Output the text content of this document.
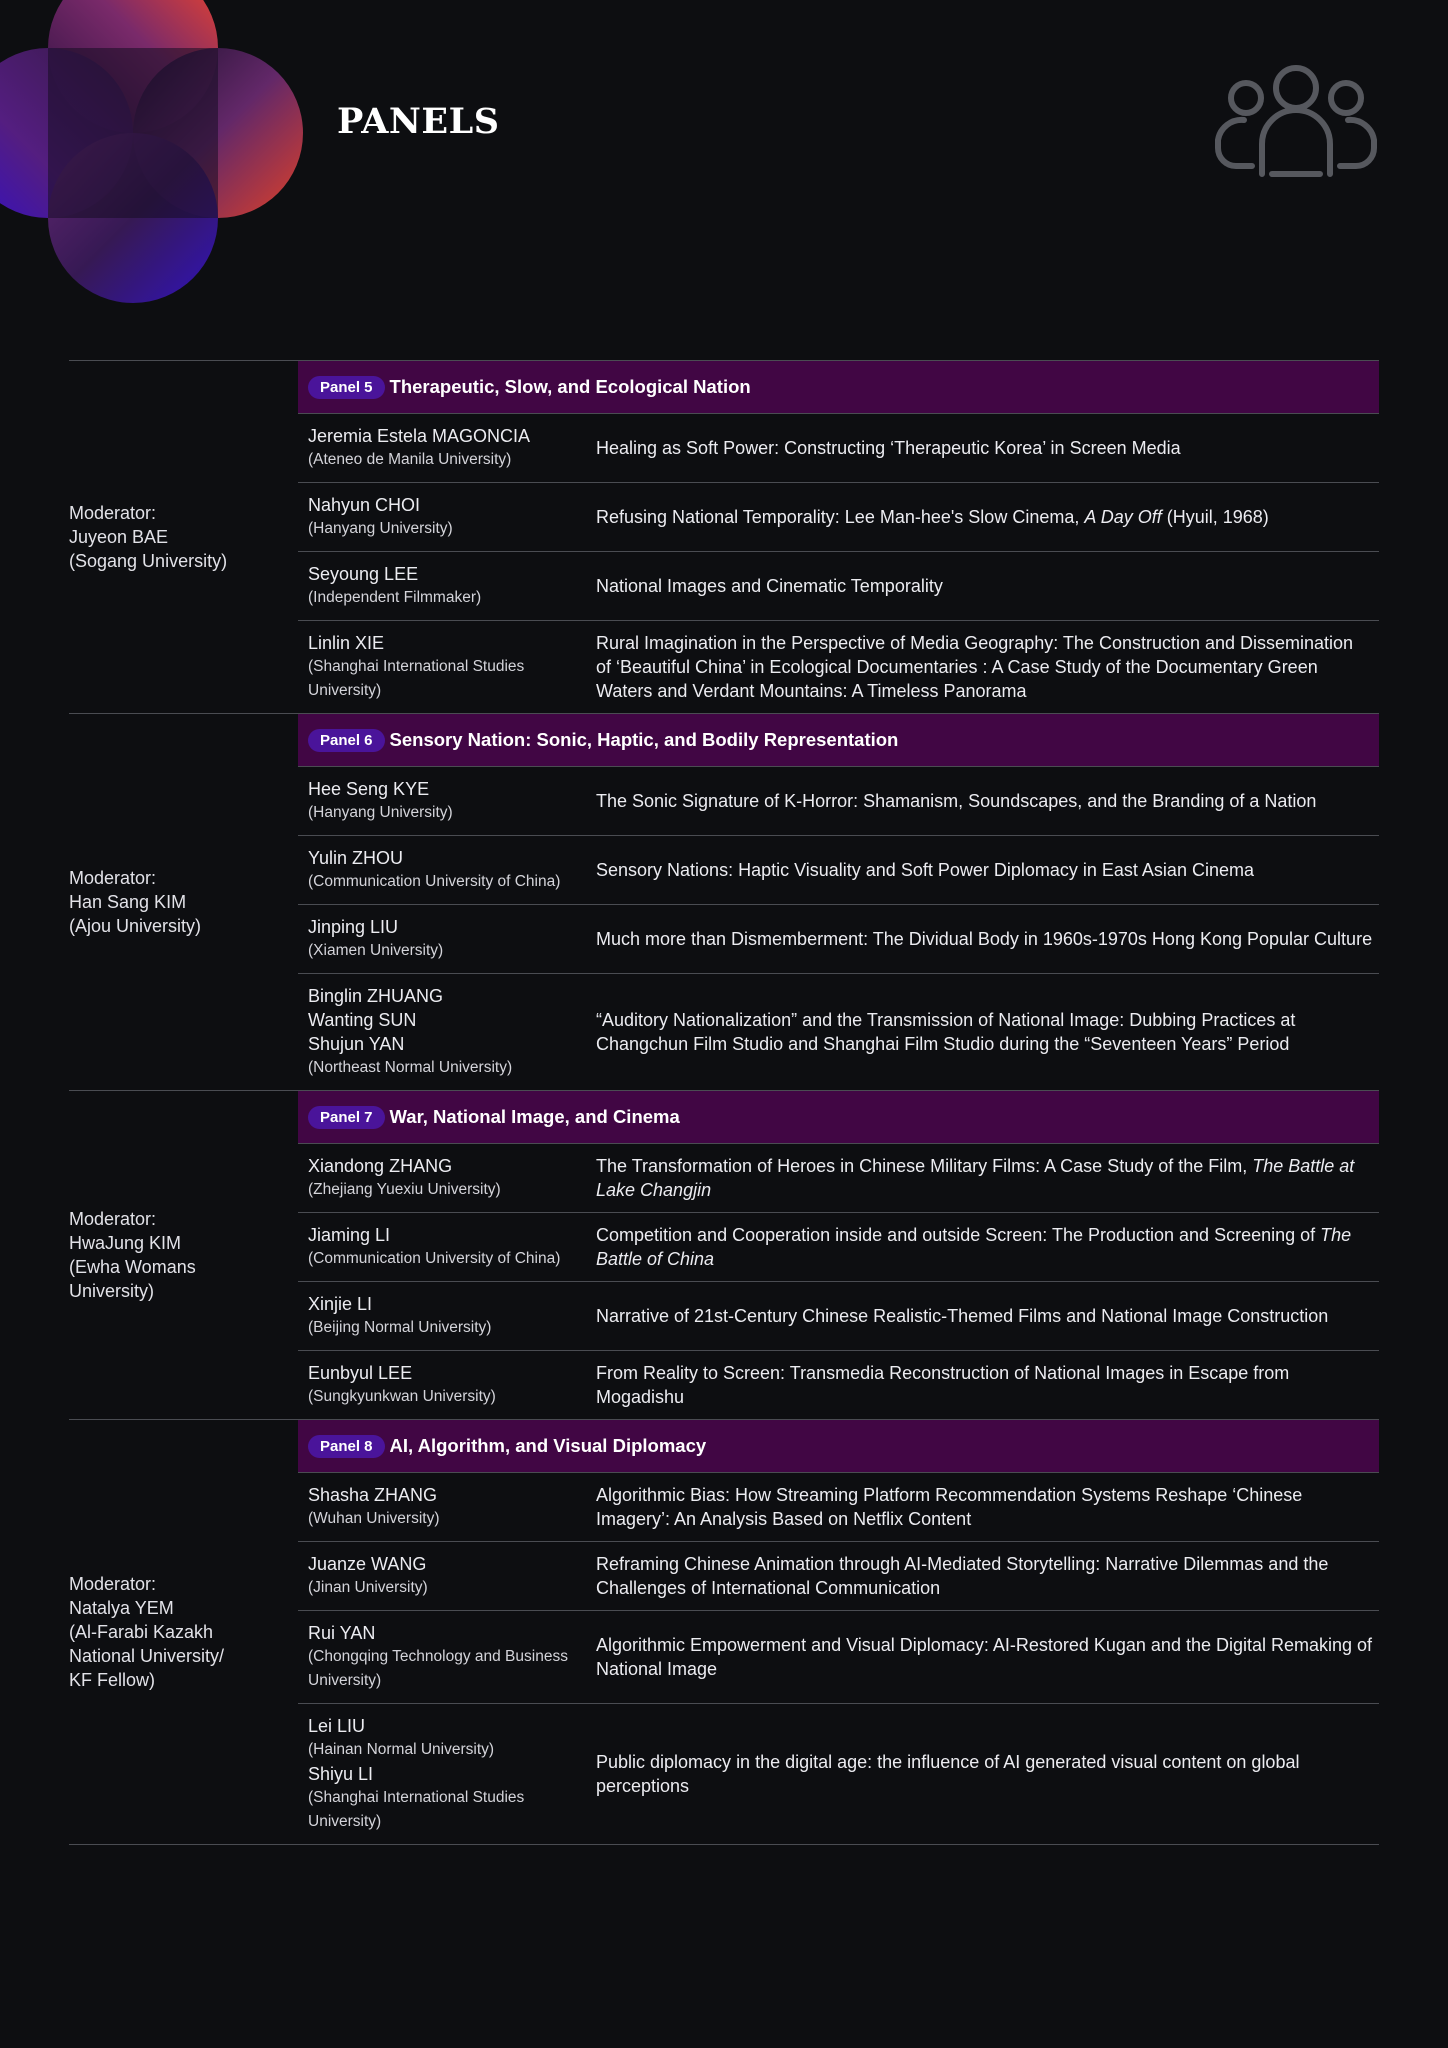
PANELS
Moderator:
Juyeon BAE
(Sogang University)
Panel 5 Therapeutic, Slow, and Ecological Nation
Jeremia Estela MAGONCIA
(Ateneo de Manila University)
Healing as Soft Power: Constructing ‘Therapeutic Korea’ in Screen Media
Nahyun CHOI
(Hanyang University)
Refusing National Temporality: Lee Man-hee's Slow Cinema, A Day Off (Hyuil, 1968)
Seyoung LEE
(Independent Filmmaker)
National Images and Cinematic Temporality
Linlin XIE
(Shanghai International Studies University)
Rural Imagination in the Perspective of Media Geography: The Construction and Dissemination of ‘Beautiful China’ in Ecological Documentaries : A Case Study of the Documentary Green Waters and Verdant Mountains: A Timeless Panorama
Moderator:
Han Sang KIM
(Ajou University)
Panel 6 Sensory Nation: Sonic, Haptic, and Bodily Representation
Hee Seng KYE
(Hanyang University)
The Sonic Signature of K-Horror: Shamanism, Soundscapes, and the Branding of a Nation
Yulin ZHOU
(Communication University of China)
Sensory Nations: Haptic Visuality and Soft Power Diplomacy in East Asian Cinema
Jinping LIU
(Xiamen University)
Much more than Dismemberment: The Dividual Body in 1960s-1970s Hong Kong Popular Culture
Binglin ZHUANG
Wanting SUN
Shujun YAN
(Northeast Normal University)
“Auditory Nationalization” and the Transmission of National Image: Dubbing Practices at Changchun Film Studio and Shanghai Film Studio during the “Seventeen Years” Period
Moderator:
HwaJung KIM
(Ewha Womans
University)
Panel 7 War, National Image, and Cinema
Xiandong ZHANG
(Zhejiang Yuexiu University)
The Transformation of Heroes in Chinese Military Films: A Case Study of the Film, The Battle at Lake Changjin
Jiaming LI
(Communication University of China)
Competition and Cooperation inside and outside Screen: The Production and Screening of The Battle of China
Xinjie LI
(Beijing Normal University)
Narrative of 21st-Century Chinese Realistic-Themed Films and National Image Construction
Eunbyul LEE
(Sungkyunkwan University)
From Reality to Screen: Transmedia Reconstruction of National Images in Escape from Mogadishu
Moderator:
Natalya YEM
(Al-Farabi Kazakh
National University/
KF Fellow)
Panel 8 AI, Algorithm, and Visual Diplomacy
Shasha ZHANG
(Wuhan University)
Algorithmic Bias: How Streaming Platform Recommendation Systems Reshape ‘Chinese Imagery’: An Analysis Based on Netflix Content
Juanze WANG
(Jinan University)
Reframing Chinese Animation through AI-Mediated Storytelling: Narrative Dilemmas and the Challenges of International Communication
Rui YAN
(Chongqing Technology and Business University)
Algorithmic Empowerment and Visual Diplomacy: AI-Restored Kugan and the Digital Remaking of National Image
Lei LIU
(Hainan Normal University)
Shiyu LI
(Shanghai International Studies University)
Public diplomacy in the digital age: the influence of AI generated visual content on global perceptions
